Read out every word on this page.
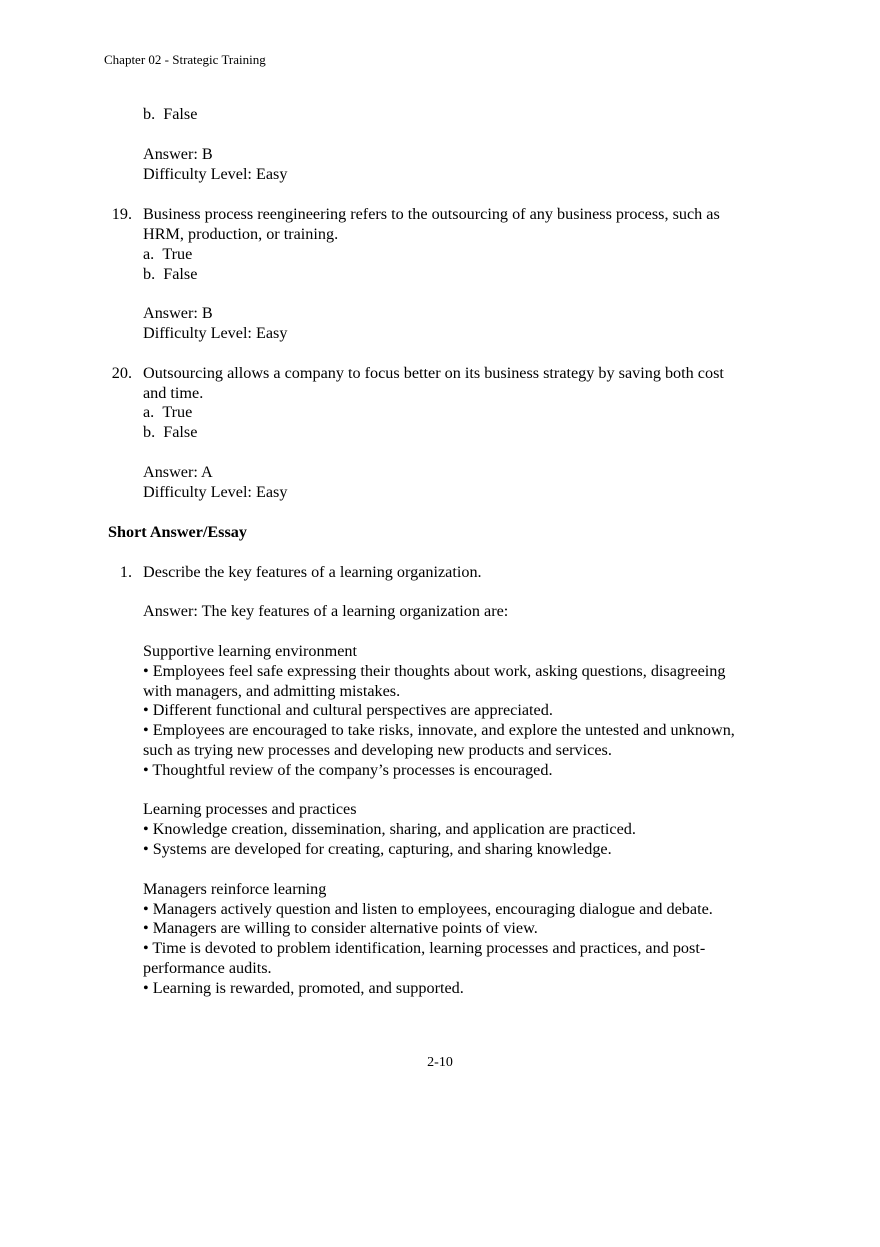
Chapter 02 - Strategic Training
b.  False
Answer: B
Difficulty Level: Easy
19. Business process reengineering refers to the outsourcing of any business process, such as
HRM, production, or training.
a.  True
b.  False
Answer: B
Difficulty Level: Easy
20. Outsourcing allows a company to focus better on its business strategy by saving both cost
and time.
a.  True
b.  False
Answer: A
Difficulty Level: Easy
Short Answer/Essay
1. Describe the key features of a learning organization.
Answer: The key features of a learning organization are:
Supportive learning environment
• Employees feel safe expressing their thoughts about work, asking questions, disagreeing
with managers, and admitting mistakes.
• Different functional and cultural perspectives are appreciated.
• Employees are encouraged to take risks, innovate, and explore the untested and unknown,
such as trying new processes and developing new products and services.
• Thoughtful review of the company’s processes is encouraged.
Learning processes and practices
• Knowledge creation, dissemination, sharing, and application are practiced.
• Systems are developed for creating, capturing, and sharing knowledge.
Managers reinforce learning
• Managers actively question and listen to employees, encouraging dialogue and debate.
• Managers are willing to consider alternative points of view.
• Time is devoted to problem identification, learning processes and practices, and post-
performance audits.
• Learning is rewarded, promoted, and supported.
2-10
